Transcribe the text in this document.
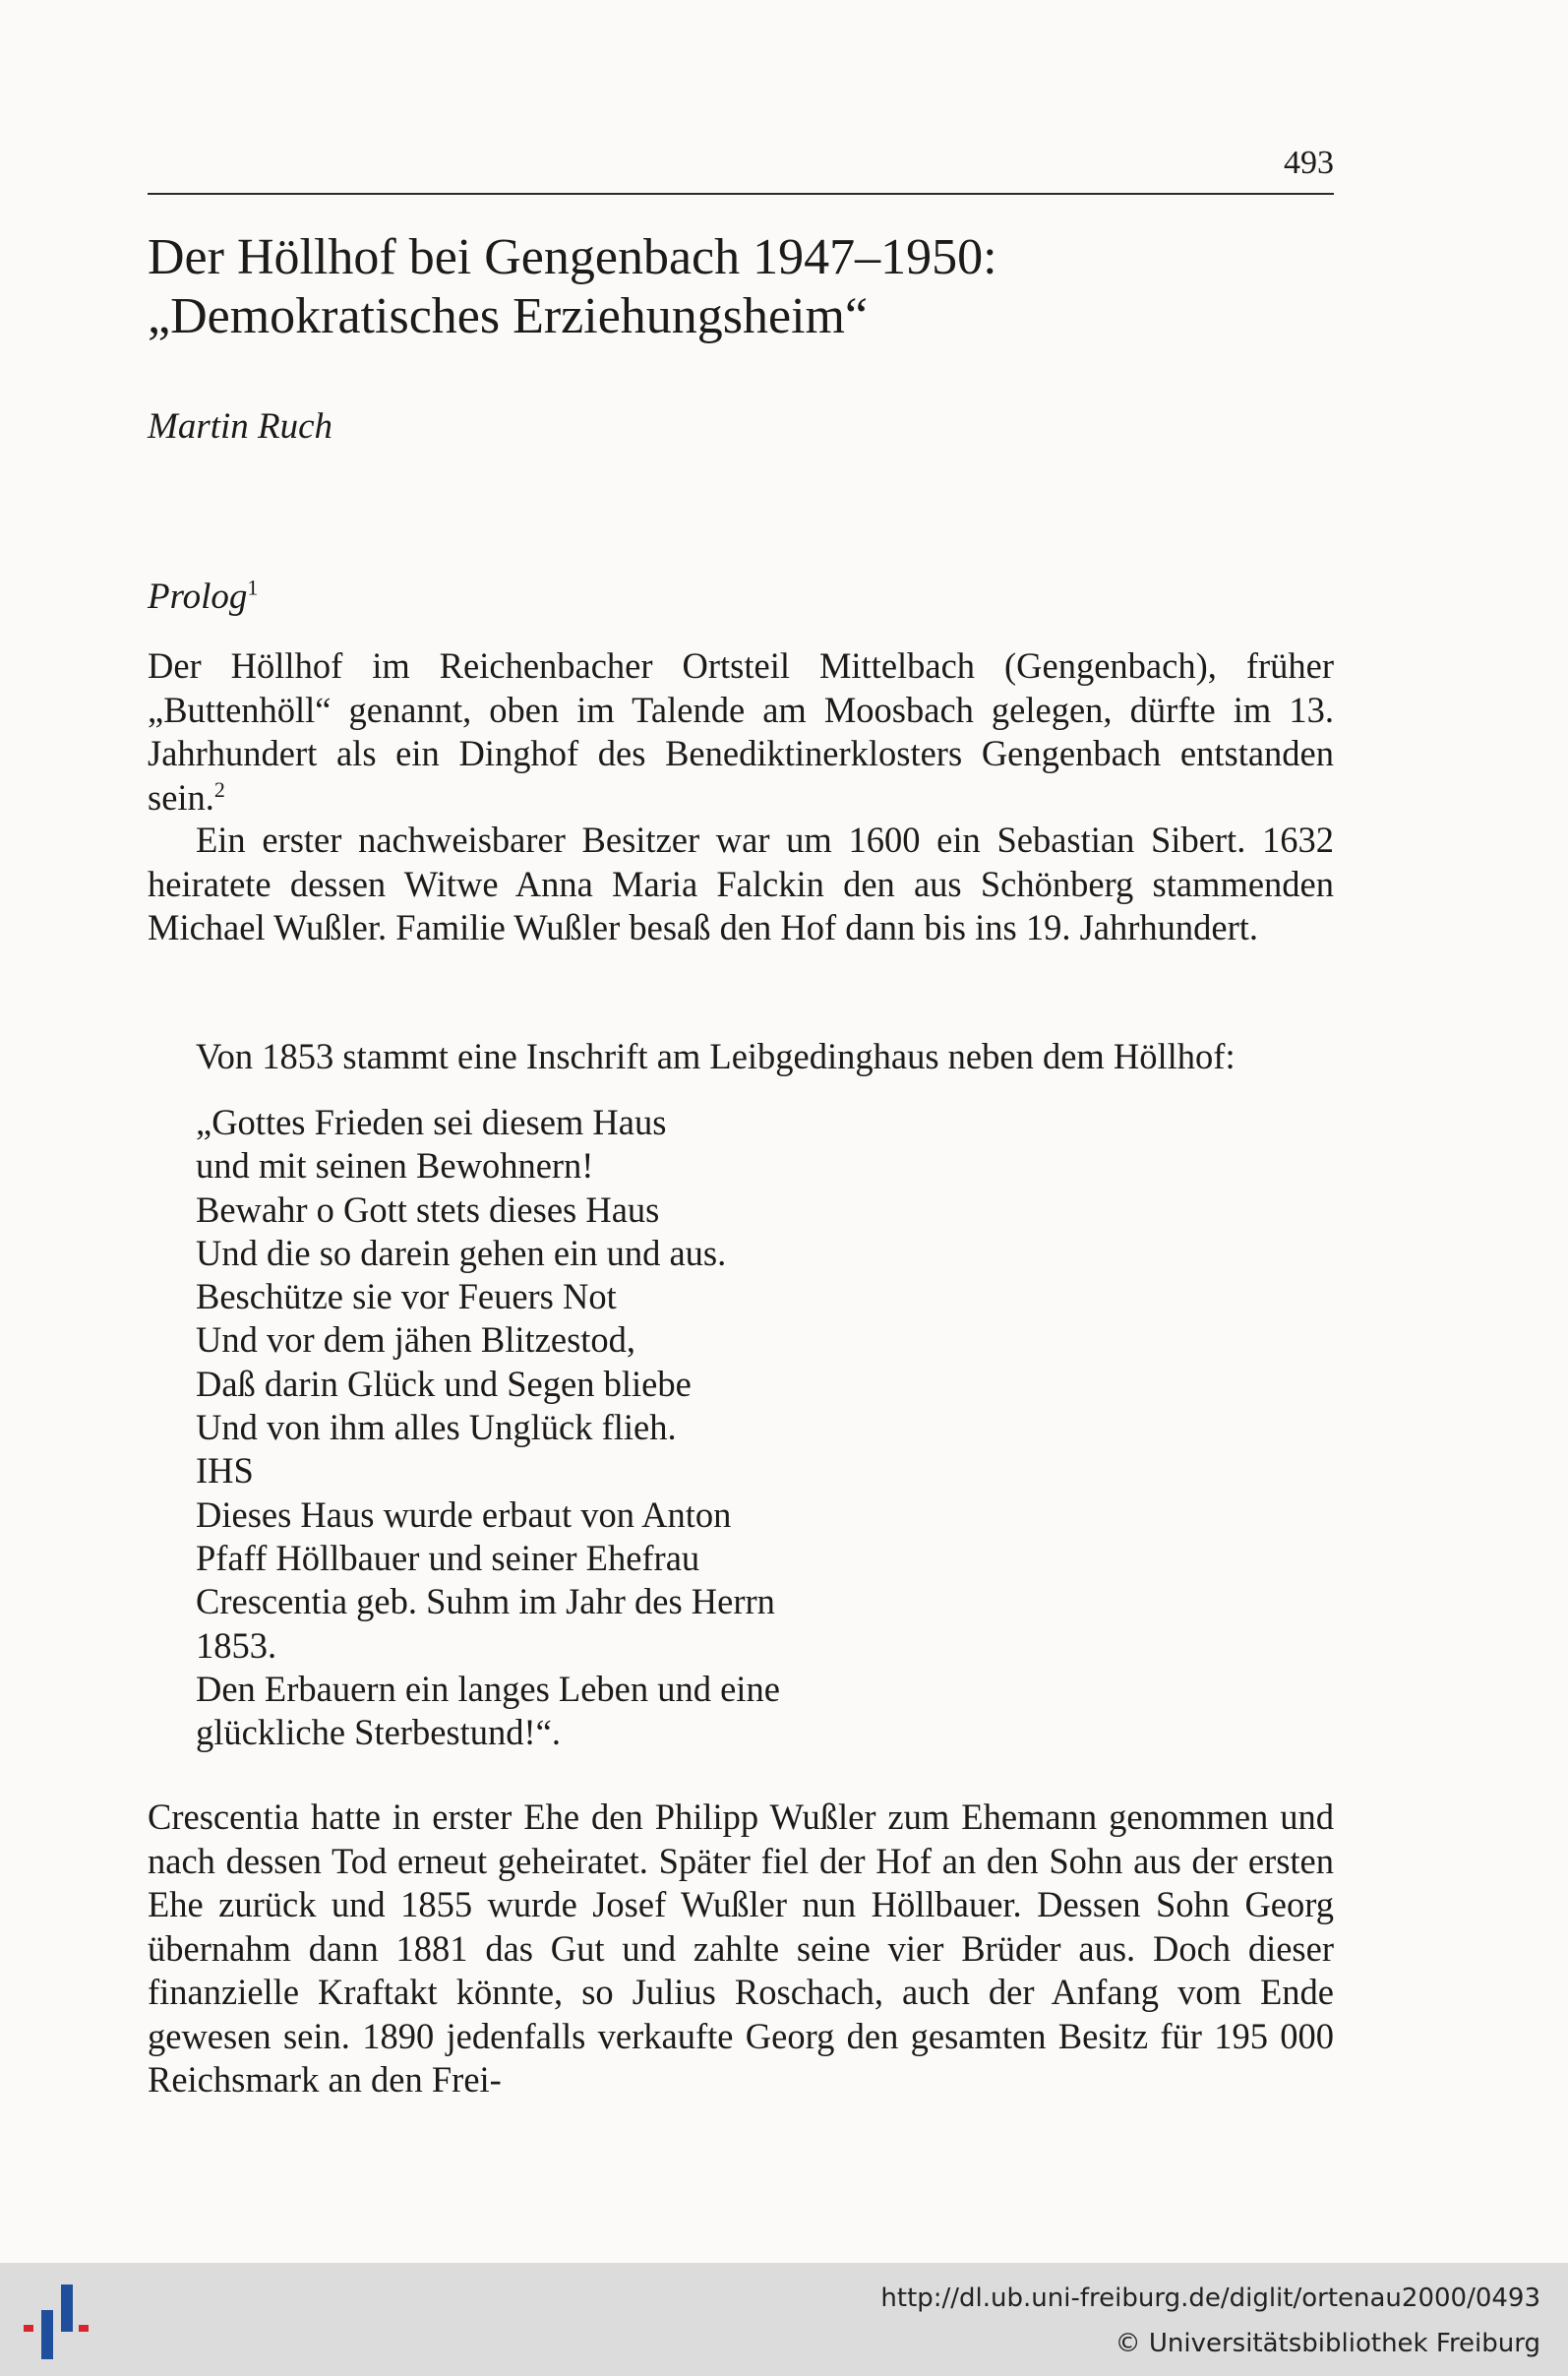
493
Der Höllhof bei Gengenbach 1947–1950:
„Demokratisches Erziehungsheim“
Martin Ruch
Prolog$^1$

Der Höllhof im Reichenbacher Ortsteil Mittelbach (Gengenbach), früher „Buttenhöll“ genannt, oben im Talende am Moosbach gelegen, dürfte im 13. Jahrhundert als ein Dinghof des Benediktinerklosters Gengenbach entstanden sein.$^2$

Ein erster nachweisbarer Besitzer war um 1600 ein Sebastian Sibert. 1632 heiratete dessen Witwe Anna Maria Falckin den aus Schönberg stammenden Michael Wußler. Familie Wußler besaß den Hof dann bis ins 19. Jahrhundert.

Von 1853 stammt eine Inschrift am Leibgedinghaus neben dem Höllhof:

„Gottes Frieden sei diesem Haus
und mit seinen Bewohnern!
Bewahr o Gott stets dieses Haus
Und die so darein gehen ein und aus.
Beschütze sie vor Feuers Not
Und vor dem jähen Blitzestod,
Daß darin Glück und Segen bliebe
Und von ihm alles Unglück flieh.
IHS
Dieses Haus wurde erbaut von Anton
Pfaff Höllbauer und seiner Ehefrau
Crescentia geb. Suhm im Jahr des Herrn
1853.
Den Erbauern ein langes Leben und eine
glückliche Sterbestund!“.

Crescentia hatte in erster Ehe den Philipp Wußler zum Ehemann genommen und nach dessen Tod erneut geheiratet. Später fiel der Hof an den Sohn aus der ersten Ehe zurück und 1855 wurde Josef Wußler nun Höllbauer. Dessen Sohn Georg übernahm dann 1881 das Gut und zahlte seine vier Brüder aus. Doch dieser finanzielle Kraftakt könnte, so Julius Roschach, auch der Anfang vom Ende gewesen sein. 1890 jedenfalls verkaufte Georg den gesamten Besitz für 195 000 Reichsmark an den Frei-

http://dl.ub.uni-freiburg.de/diglit/ortenau2000/0493
© Universitätsbibliothek Freiburg
